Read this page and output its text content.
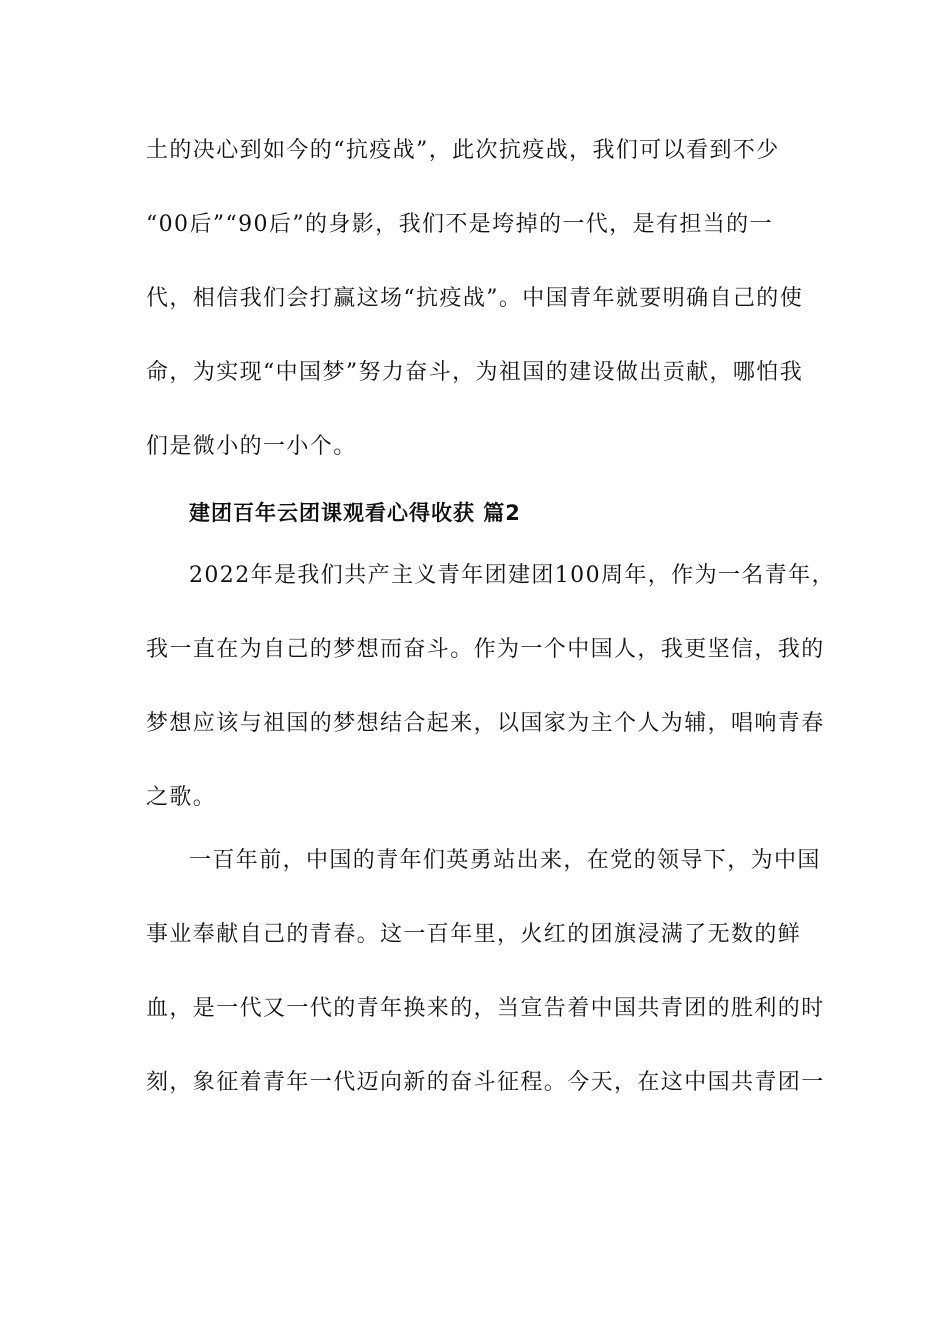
土的决心到如今的“抗疫战”，此次抗疫战，我们可以看到不少
“00后”“90后”的身影，我们不是垮掉的一代，是有担当的一
代，相信我们会打赢这场“抗疫战”。中国青年就要明确自己的使
命，为实现“中国梦”努力奋斗，为祖国的建设做出贡献，哪怕我
们是微小的一小个。
建团百年云团课观看心得收获 篇2
2022年是我们共产主义青年团建团100周年，作为一名青年，
我一直在为自己的梦想而奋斗。作为一个中国人，我更坚信，我的
梦想应该与祖国的梦想结合起来，以国家为主个人为辅，唱响青春
之歌。
一百年前，中国的青年们英勇站出来，在党的领导下，为中国
事业奉献自己的青春。这一百年里，火红的团旗浸满了无数的鲜
血，是一代又一代的青年换来的，当宣告着中国共青团的胜利的时
刻，象征着青年一代迈向新的奋斗征程。今天，在这中国共青团一
